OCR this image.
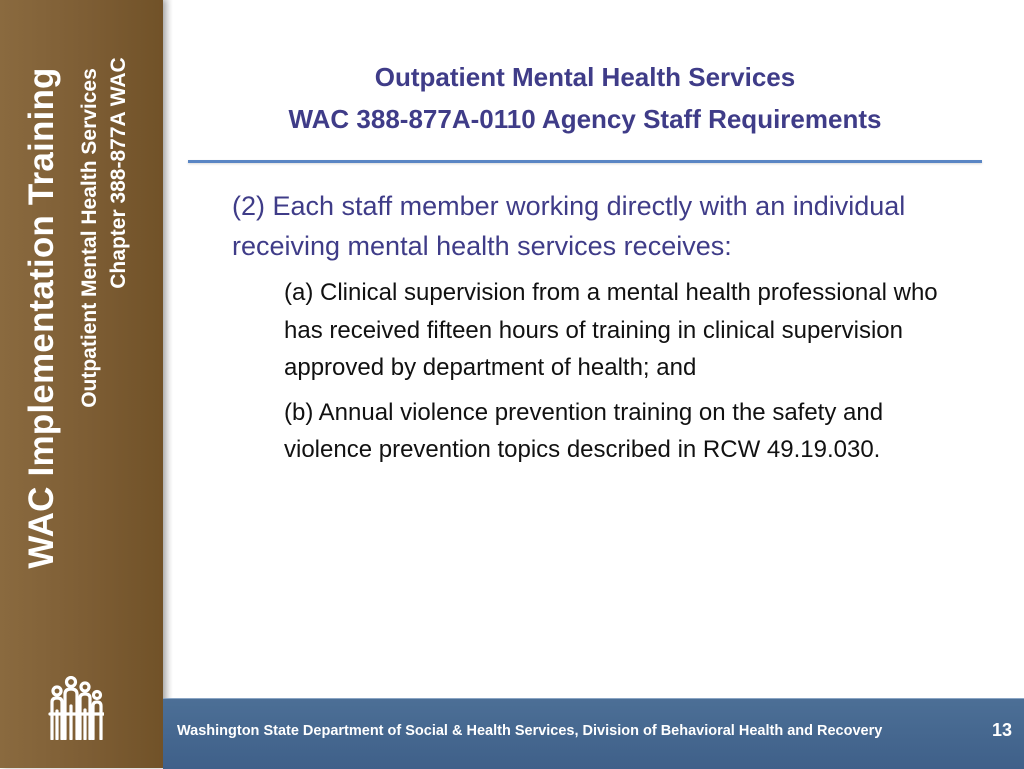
WAC Implementation Training Outpatient Mental Health Services Chapter 388-877A WAC	Outpatient Mental Health Services
WAC 388-877A-0110 Agency Staff Requirements

(2) Each staff member working directly with an individual receiving mental health services receives:

(a) Clinical supervision from a mental health professional who has received fifteen hours of training in clinical supervision approved by department of health; and

(b) Annual violence prevention training on the safety and violence prevention topics described in RCW 49.19.030.

Washington State Department of Social & Health Services, Division of Behavioral Health and Recovery	13
